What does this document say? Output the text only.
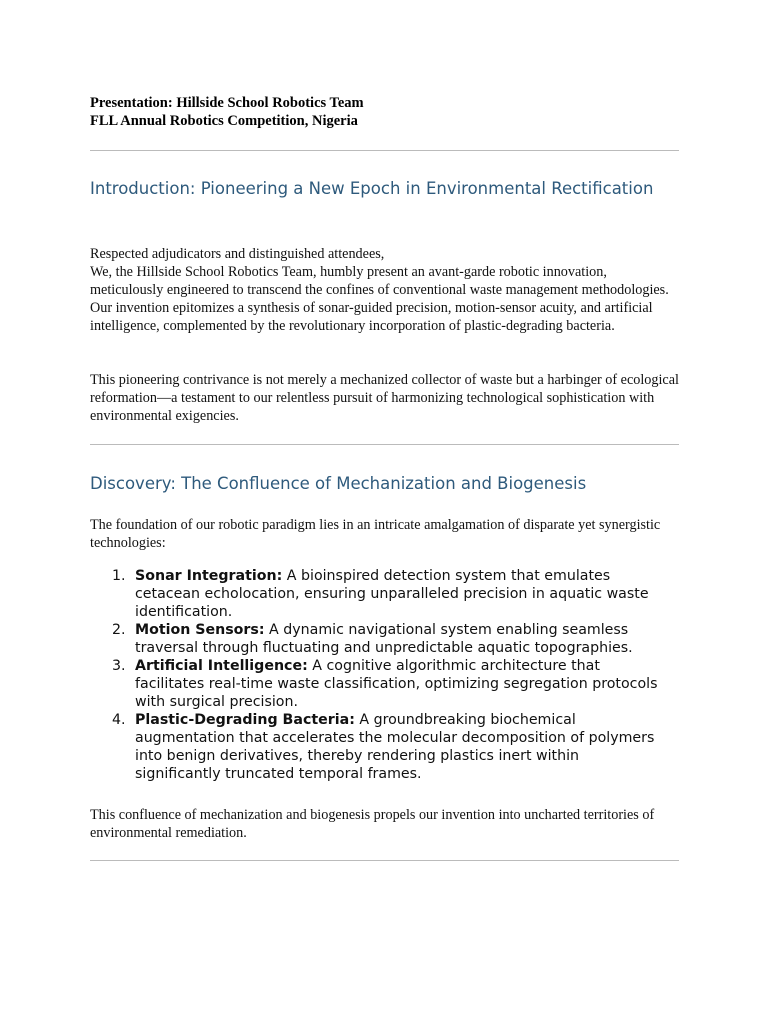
Presentation: Hillside School Robotics Team
FLL Annual Robotics Competition, Nigeria
Introduction: Pioneering a New Epoch in Environmental Rectification
Respected adjudicators and distinguished attendees,
We, the Hillside School Robotics Team, humbly present an avant-garde robotic innovation, meticulously engineered to transcend the confines of conventional waste management methodologies. Our invention epitomizes a synthesis of sonar-guided precision, motion-sensor acuity, and artificial intelligence, complemented by the revolutionary incorporation of plastic-degrading bacteria.

This pioneering contrivance is not merely a mechanized collector of waste but a harbinger of ecological reformation—a testament to our relentless pursuit of harmonizing technological sophistication with environmental exigencies.

Discovery: The Confluence of Mechanization and Biogenesis

The foundation of our robotic paradigm lies in an intricate amalgamation of disparate yet synergistic technologies:

1. Sonar Integration: A bioinspired detection system that emulates cetacean echolocation, ensuring unparalleled precision in aquatic waste identification.
2. Motion Sensors: A dynamic navigational system enabling seamless traversal through fluctuating and unpredictable aquatic topographies.
3. Artificial Intelligence: A cognitive algorithmic architecture that facilitates real-time waste classification, optimizing segregation protocols with surgical precision.
4. Plastic-Degrading Bacteria: A groundbreaking biochemical augmentation that accelerates the molecular decomposition of polymers into benign derivatives, thereby rendering plastics inert within significantly truncated temporal frames.

This confluence of mechanization and biogenesis propels our invention into uncharted territories of environmental remediation.
